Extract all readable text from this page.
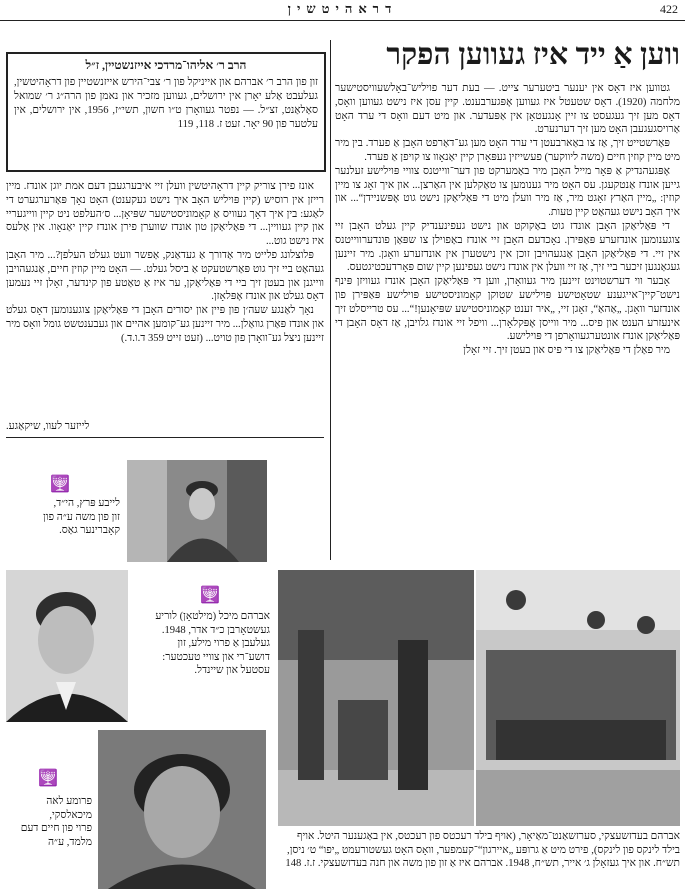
דראהיטשין	422
ווען אַ ייד איז געווען הפקר

גטווען איז דאָס אין יענער ביטערער צייט. — בעת דער פויליש־באָלשעוויסטישער מלחמה (1920). דאָס שטעטל איז געווען אָפּגערבענט. קיין עסן איז נישט געווען וואָס, דאָס מען זיך געגעסט צו זיין אָנגעטאָן אין אַפּעדער. און מיט דעם וואָס די ערד האָט אַרויסגעגעבן האָט מען זיך דערנערט.

פּאַרשטייט זיך, אַז צו באַארבעטן די ערד האָט מען גע־דאַרפט האָבן אַ פערד. בין מיר מיט מיין קוזין חיים (משה ליווקער) פעשייזין געפּאָרן קיין יאַנאָוו צו קויפן אַ פערד.

אָפּגעהנדיק אַ פּאָר מייל האָבן מיר באַמערקט פון דער־ווייטנס צוויי פּוילישע זעלנער גייען אונדז אַנטקעגן. עס האָט מיר גענומען צו טאַקלען אין האַרצן... און איך זאָג צו מיין קוזין: „מיין האַרץ זאָגט מיר, אַז מיר וועלן מיט די פּאַליאַקן נישט גוט אָפּשניידן“... און איך האָב נישט געהאַט קיין טעות.

די פּאַליאַקן האָבן אונדז גוט באַקוקט און נישט געפינענדיק קיין געלט האָבן זיי צוגענומען אונדזערע פּאַפּירן. נאָכדעם האָבן זיי אונדז באַפוילן צו שפּאַן פונדערווייטנס אין זיי. די פּאַליאַקן האָבן אַנגעהויבן זוכן אין נישטערן אין אונדזערע וואָגן. מיר זיינען געגאַנגען זיכער ביי זיך, אַז זיי וועלן אין אונדז נישט געפינען קיין שום פּאָרדעכטיגטעס.

אָבער ווי דערשטוינט זיינען מיר געוואָרן, ווען די פּאַליאַקן האָבן אונדז געוויזן פּינף נישט־קיין־אייגענע שטאָטישע פּוילישע שטוקן קאָמוניסטישע פּוילישע פּאַפּירן פון אונדזער וואָגן. „אַהאַ“, זאָגן זיי, „איר זענט קאָמוניסטישע שפּיאָנען!“... עס טרייסלט זיך אינעזרע הענט און פיס... מיר ווייסן אָפּקלאָרן... וויפל זיי אונדז גלויבן, אַז דאָס האָבן די פּאַליאַקן אונדז אונטערגעוואָרפן די פּוילישע.

מיר פאַלן די פּאַליאַקן צו די פיס און בעטן זיך. זיי זאָלן

הרב ר׳ אליהו־מרדכי אייזנשטיין, ז״ל
זון פון הרב ר׳ אברהם און אייניקל פון ר׳ צבי־הירש אייזנשטיין פון דראָהיטשין, געלעבט אַלע יאָרן אין ירושלים, געווען מזכיר און נאמן פון הרה״ג ר׳ שמואל סאַלאַנט, זצ״ל. — נפטר געוואָרן ט״ו חשון, תשי״ז, 1956, אין ירושלים, אין עלטער פון 90 יאָר. זעט ז. 118, 119

אונז פירן צוריק קיין דראָהיטשין וועלן זיי איבערגעבן דעם אמת יוגן אונדז. מיין רייזן אין רוסיש (קיין פּויליש האָב איך נישט געקענט) האָט נאָך פּאַרערגערט די לאַגע: בין איך דאָך געוויס אַ קאָמוניסטישער שפּיאָן... ס׳העלפט ניט קיין ווייגעריי און קיין געוויין... די פּאַליאַקן טון אונדז שווערן פירן אונדז קיין יאַנאָוו. אין אַלעס איז נישט גוט...

פּלוצלונג פלייט מיר אַדורך אַ געדאַנק, אַפשר וועט געלט העלפן?... מיר האָבן געהאַט ביי זיך גוט פּאַרשטעקט אַ ביסל געלט. — האָט מיין קוזין חיים, אַנגעהויבן ווייגנן און בעטן זיך ביי די פּאַליאַקן, ער איז אַ טאַטע פון קינדער, זאָלן זיי נעמען דאָס געלט און אונדז אָפּלאָזן.

נאָך לאַנגע שעה׳ן פון פּיין און יסורים האָבן די פּאַליאַקן צוגענומען דאָס געלט און אונדז פּאַרן גוואַלן... מיר זיינען גע־קומען אהיים און געבענטשט גומל וואָס מיר זיינען ניצל גע־וואָרן פון טויט... (זעט זייט 359 ד.ו.ד.)

לייזער לעוו, שיקאַגע.
🕎
לייבע פּרץ, הי״ד,
זון פון משה ע״ה פון קאָברינער גאַס.
🕎
אברהם מיכל (מילטאָן) לוריע געשטאָרבן כ״ד אדר, 1948.
געלעבן אַ פרוי מילע, זון דושע־רי און צוויי טעכטער: עסטעל און שיינדל.
🕎
פרומע לאה מיכאלסקי,
פרוי פון חיים דעם מלמד, ע״ה	אברהם בעדזשעצקי, סערזשאַנט־מאַיאָר, (אויף בילד רעכטס פון רעכטס, אין באַגענער היטל. אויף בילד לינקס פון לינקס), פירט מיט אַ גרופּע „איירגון“־קעמפער, וואָס האָט געשטורעמט „יפו“ ט׳ ניסן, תש״ח. און איך געזאָלן ג׳ אייר, תש״ח, 1948. אברהם איז אַ זון פון משה און חנה בעדזשעצקי. ז.ז. 148
